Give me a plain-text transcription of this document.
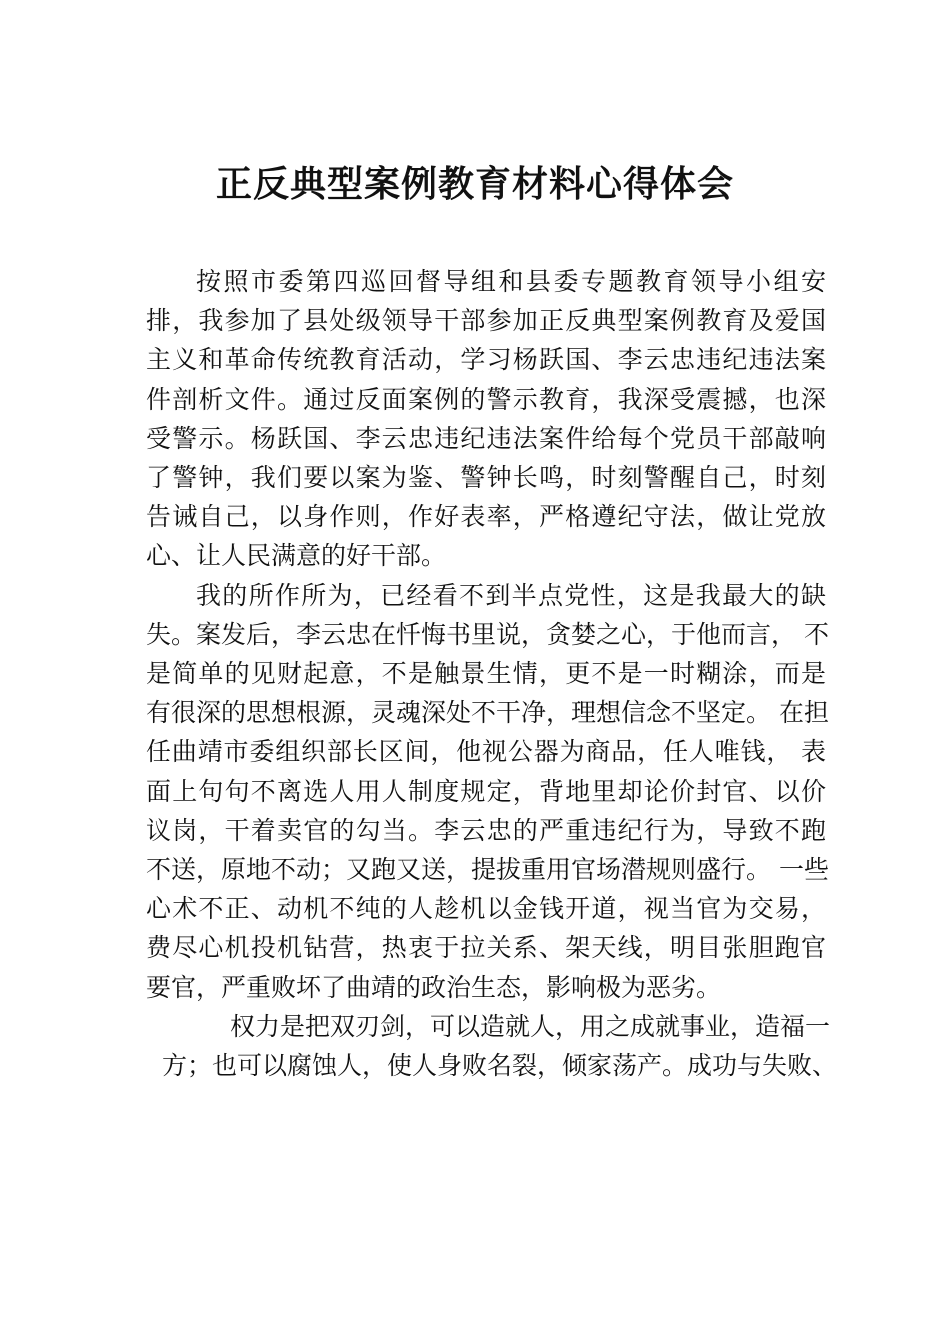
正反典型案例教育材料心得体会

按照市委第四巡回督导组和县委专题教育领导小组安

排，我参加了县处级领导干部参加正反典型案例教育及爱国

主义和革命传统教育活动，学习杨跃国、李云忠违纪违法案

件剖析文件。通过反面案例的警示教育，我深受震撼，也深

受警示。杨跃国、李云忠违纪违法案件给每个党员干部敲响

了警钟，我们要以案为鉴、警钟长鸣，时刻警醒自己，时刻

告诫自己，以身作则，作好表率，严格遵纪守法，做让党放

心、让人民满意的好干部。

我的所作所为，已经看不到半点党性，这是我最大的缺

失。案发后，李云忠在忏悔书里说，贪婪之心，于他而言， 不

是简单的见财起意，不是触景生情，更不是一时糊涂，而是

有很深的思想根源，灵魂深处不干净，理想信念不坚定。 在担

任曲靖市委组织部长区间，他视公器为商品，任人唯钱， 表

面上句句不离选人用人制度规定，背地里却论价封官、以价

议岗，干着卖官的勾当。李云忠的严重违纪行为，导致不跑

不送，原地不动；又跑又送，提拔重用官场潜规则盛行。 一些

心术不正、动机不纯的人趁机以金钱开道，视当官为交易，

费尽心机投机钻营，热衷于拉关系、架天线，明目张胆跑官

要官，严重败坏了曲靖的政治生态，影响极为恶劣。

权力是把双刃剑，可以造就人，用之成就事业，造福一

方；也可以腐蚀人，使人身败名裂，倾家荡产。成功与失败、
